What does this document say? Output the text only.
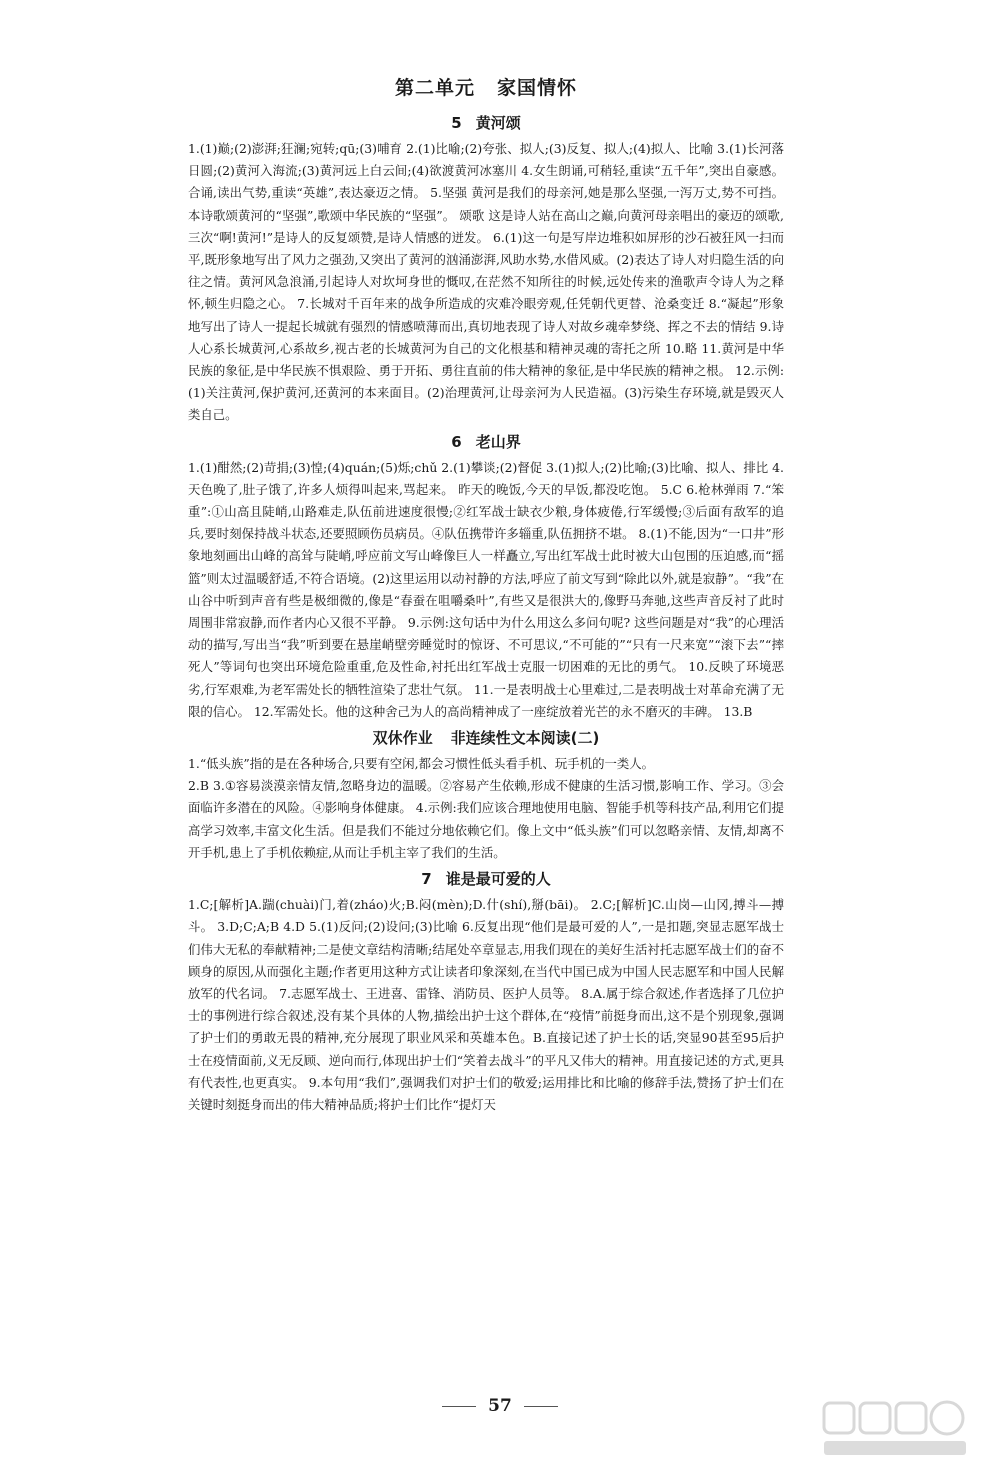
第二单元 家国情怀
5 黄河颂

1.(1)巅;(2)澎湃;狂澜;宛转;qū;(3)哺育 2.(1)比喻;(2)夸张、拟人;(3)反复、拟人;(4)拟人、比喻 3.(1)长河落日圆;(2)黄河入海流;(3)黄河远上白云间;(4)欲渡黄河冰塞川 4.女生朗诵,可稍轻,重读“五千年”,突出自豪感。 合诵,读出气势,重读“英雄”,表达豪迈之情。 5.坚强 黄河是我们的母亲河,她是那么坚强,一泻万丈,势不可挡。本诗歌颂黄河的“坚强”,歌颂中华民族的“坚强”。 颂歌 这是诗人站在高山之巅,向黄河母亲唱出的豪迈的颂歌,三次“啊!黄河!”是诗人的反复颂赞,是诗人情感的迸发。 6.(1)这一句是写岸边堆积如屏形的沙石被狂风一扫而平,既形象地写出了风力之强劲,又突出了黄河的汹涌澎湃,风助水势,水借风威。(2)表达了诗人对归隐生活的向往之情。黄河风急浪涌,引起诗人对坎坷身世的慨叹,在茫然不知所往的时候,远处传来的渔歌声令诗人为之释怀,顿生归隐之心。 7.长城对千百年来的战争所造成的灾难冷眼旁观,任凭朝代更替、沧桑变迁 8.“凝起”形象地写出了诗人一提起长城就有强烈的情感喷薄而出,真切地表现了诗人对故乡魂牵梦绕、挥之不去的情结 9.诗人心系长城黄河,心系故乡,视古老的长城黄河为自己的文化根基和精神灵魂的寄托之所 10.略 11.黄河是中华民族的象征,是中华民族不惧艰险、勇于开拓、勇往直前的伟大精神的象征,是中华民族的精神之根。 12.示例:(1)关注黄河,保护黄河,还黄河的本来面目。(2)治理黄河,让母亲河为人民造福。(3)污染生存环境,就是毁灭人类自己。

6 老山界

1.(1)酣然;(2)苛捐;(3)惶;(4)quán;(5)烁;chǔ 2.(1)攀谈;(2)督促 3.(1)拟人;(2)比喻;(3)比喻、拟人、排比 4.天色晚了,肚子饿了,许多人烦得叫起来,骂起来。 昨天的晚饭,今天的早饭,都没吃饱。 5.C 6.枪林弹雨 7.“笨重”:①山高且陡峭,山路难走,队伍前进速度很慢;②红军战士缺衣少粮,身体疲倦,行军缓慢;③后面有敌军的追兵,要时刻保持战斗状态,还要照顾伤员病员。④队伍携带许多辎重,队伍拥挤不堪。 8.(1)不能,因为“一口井”形象地刻画出山峰的高耸与陡峭,呼应前文写山峰像巨人一样矗立,写出红军战士此时被大山包围的压迫感,而“摇篮”则太过温暖舒适,不符合语境。(2)这里运用以动衬静的方法,呼应了前文写到“除此以外,就是寂静”。“我”在山谷中听到声音有些是极细微的,像是“春蚕在咀嚼桑叶”,有些又是很洪大的,像野马奔驰,这些声音反衬了此时周围非常寂静,而作者内心又很不平静。 9.示例:这句话中为什么用这么多问句呢? 这些问题是对“我”的心理活动的描写,写出当“我”听到要在悬崖峭壁旁睡觉时的惊讶、不可思议,“不可能的”“只有一尺来宽”“滚下去”“摔死人”等词句也突出环境危险重重,危及性命,衬托出红军战士克服一切困难的无比的勇气。 10.反映了环境恶劣,行军艰难,为老军需处长的牺牲渲染了悲壮气氛。 11.一是表明战士心里难过,二是表明战士对革命充满了无限的信心。 12.军需处长。他的这种舍己为人的高尚精神成了一座绽放着光芒的永不磨灭的丰碑。 13.B

双休作业 非连续性文本阅读(二)

1.“低头族”指的是在各种场合,只要有空闲,都会习惯性低头看手机、玩手机的一类人。

2.B 3.①容易淡漠亲情友情,忽略身边的温暖。②容易产生依赖,形成不健康的生活习惯,影响工作、学习。③会面临许多潜在的风险。④影响身体健康。 4.示例:我们应该合理地使用电脑、智能手机等科技产品,利用它们提高学习效率,丰富文化生活。但是我们不能过分地依赖它们。像上文中“低头族”们可以忽略亲情、友情,却离不开手机,患上了手机依赖症,从而让手机主宰了我们的生活。

7 谁是最可爱的人

1.C;[解析]A.踹(chuài)门,着(zháo)火;B.闷(mèn);D.什(shí),掰(bāi)。 2.C;[解析]C.山岗—山冈,搏斗—搏斗。 3.D;C;A;B 4.D 5.(1)反问;(2)设问;(3)比喻 6.反复出现“他们是最可爱的人”,一是扣题,突显志愿军战士们伟大无私的奉献精神;二是使文章结构清晰;结尾处卒章显志,用我们现在的美好生活衬托志愿军战士们的奋不顾身的原因,从而强化主题;作者更用这种方式让读者印象深刻,在当代中国已成为中国人民志愿军和中国人民解放军的代名词。 7.志愿军战士、王进喜、雷锋、消防员、医护人员等。 8.A.属于综合叙述,作者选择了几位护士的事例进行综合叙述,没有某个具体的人物,描绘出护士这个群体,在“疫情”前挺身而出,这不是个别现象,强调了护士们的勇敢无畏的精神,充分展现了职业风采和英雄本色。B.直接记述了护士长的话,突显90甚至95后护士在疫情面前,义无反顾、逆向而行,体现出护士们“笑着去战斗”的平凡又伟大的精神。用直接记述的方式,更具有代表性,也更真实。 9.本句用“我们”,强调我们对护士们的敬爱;运用排比和比喻的修辞手法,赞扬了护士们在关键时刻挺身而出的伟大精神品质;将护士们比作“提灯天

57
